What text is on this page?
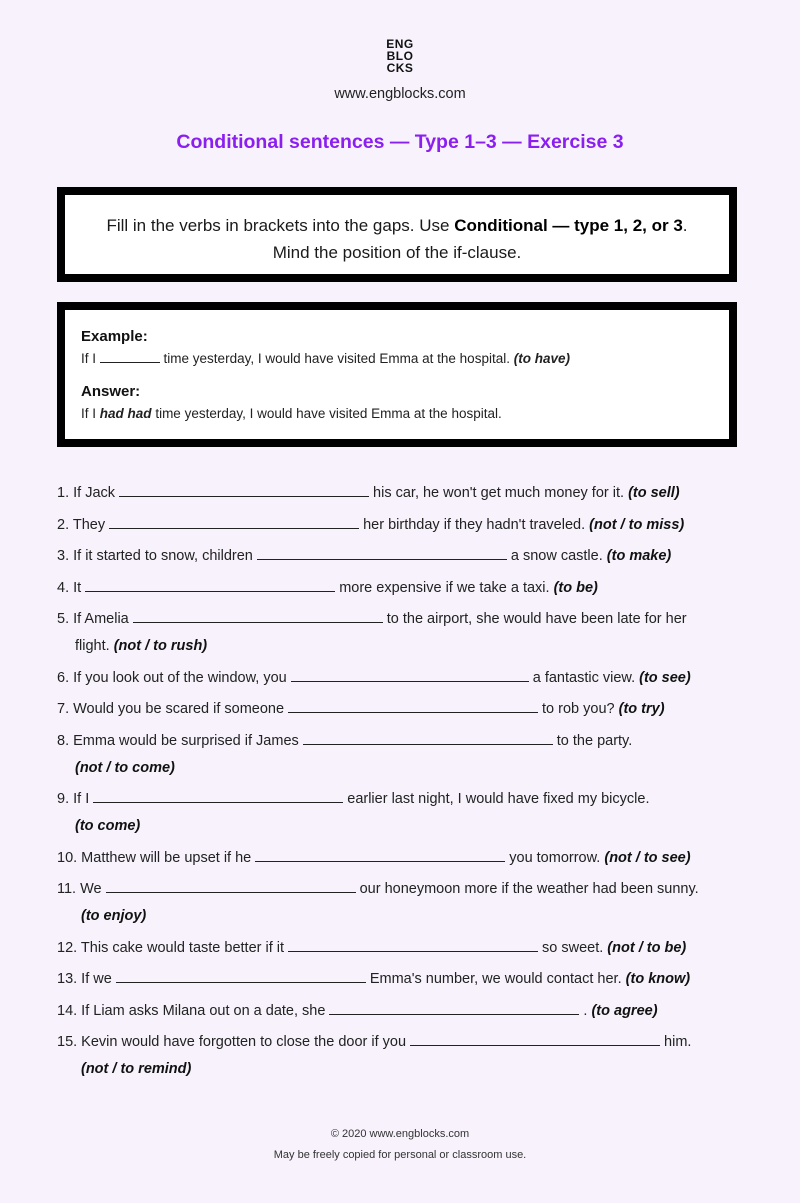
ENG
BLO
CKS
www.engblocks.com
Conditional sentences — Type 1–3 — Exercise 3
Fill in the verbs in brackets into the gaps. Use Conditional — type 1, 2, or 3. Mind the position of the if-clause.
Example:
If I	time yesterday, I would have visited Emma at the hospital. (to have)
Answer:
If I had had time yesterday, I would have visited Emma at the hospital.
1. If Jack	his car, he won't get much money for it. (to sell)
2. They	her birthday if they hadn't traveled. (not / to miss)
3. If it started to snow, children	a snow castle. (to make)
4. It	more expensive if we take a taxi. (to be)
5. If Amelia	to the airport, she would have been late for her
flight. (not / to rush)
6. If you look out of the window, you	a fantastic view. (to see)
7. Would you be scared if someone	to rob you? (to try)
8. Emma would be surprised if James	to the party.
(not / to come)
9. If I	earlier last night, I would have fixed my bicycle.
(to come)
10. Matthew will be upset if he	you tomorrow. (not / to see)
11. We	our honeymoon more if the weather had been sunny.
(to enjoy)
12. This cake would taste better if it	so sweet. (not / to be)
13. If we	Emma's number, we would contact her. (to know)
14. If Liam asks Milana out on a date, she	. (to agree)
15. Kevin would have forgotten to close the door if you	him.
(not / to remind)
© 2020 www.engblocks.com
May be freely copied for personal or classroom use.
